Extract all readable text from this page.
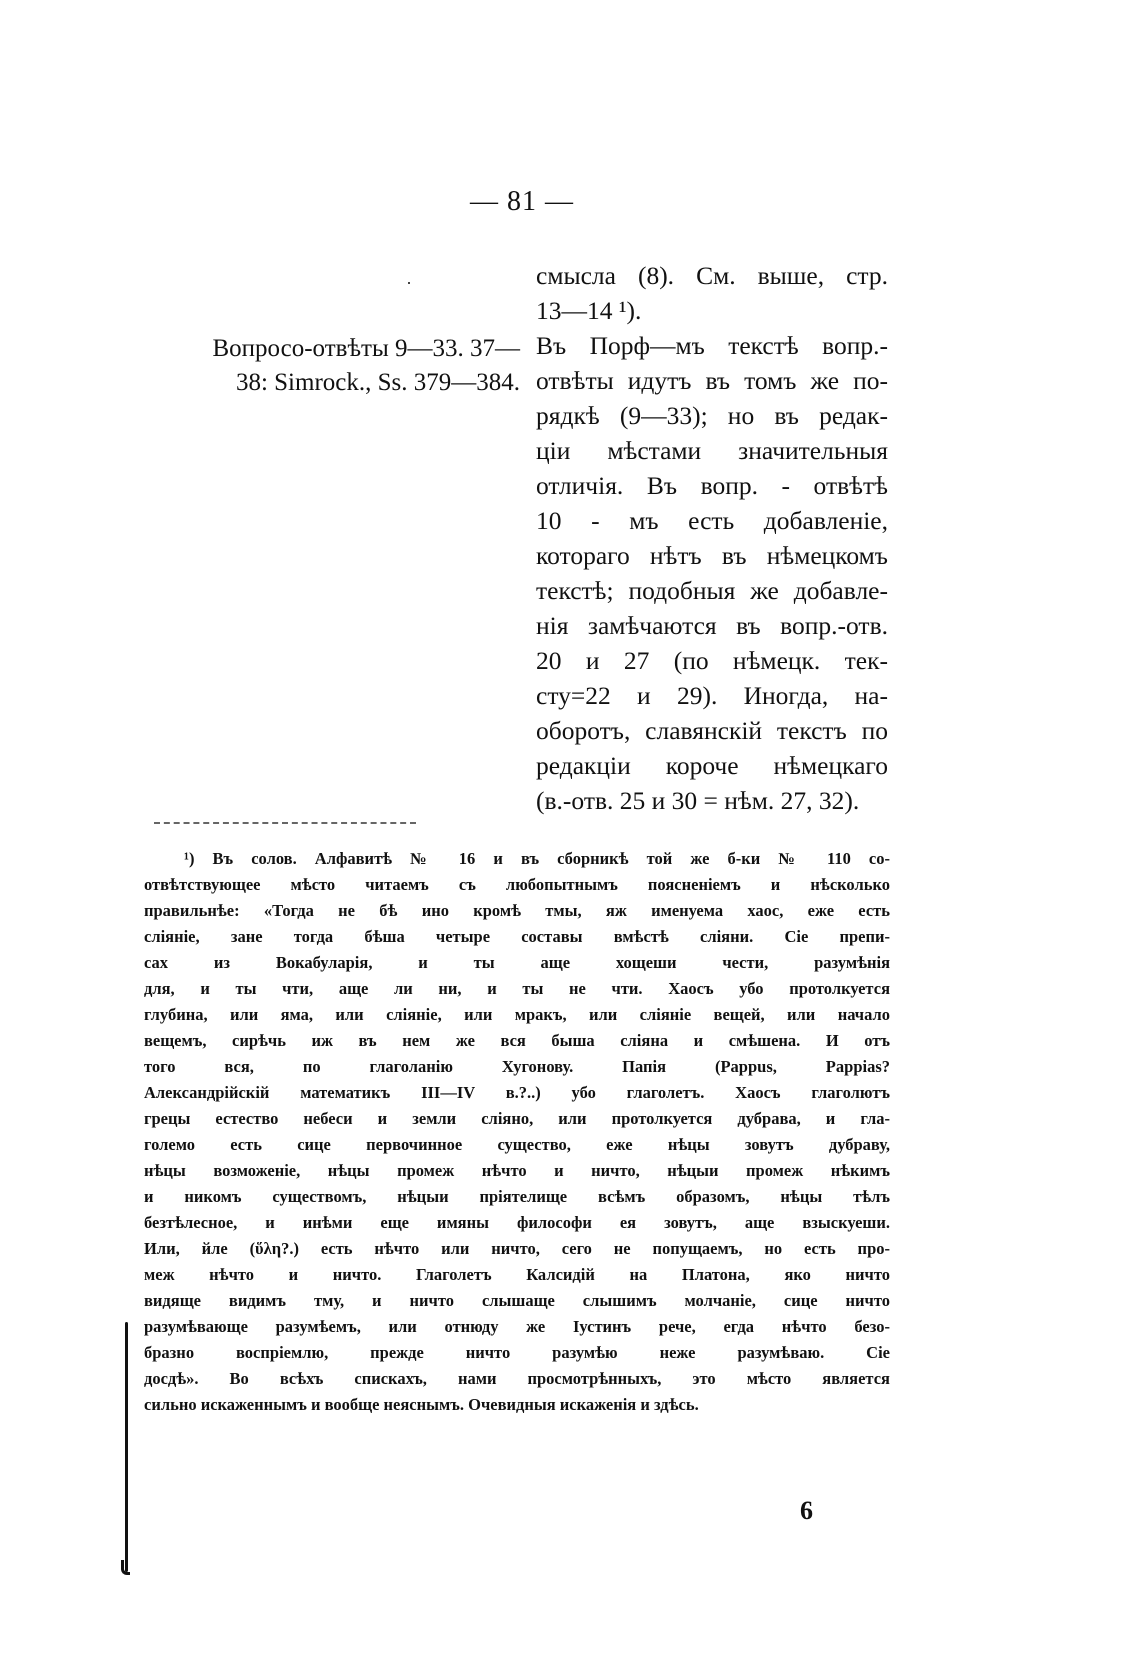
— 81 —
Вопросо-отвѣты 9—33. 37—
38: Simrock., Ss. 379—384.
смысла (8). См. выше, стр.
13—14 ¹).
Въ Порф—мъ текстѣ вопр.-
отвѣты идутъ въ томъ же по-
рядкѣ (9—33); но въ редак-
ціи мѣстами значительныя
отличія. Въ вопр. - отвѣтѣ
10 - мъ есть добавленіе,
котораго нѣтъ въ нѣмецкомъ
текстѣ; подобныя же добавле-
нія замѣчаются въ вопр.-отв.
20 и 27 (по нѣмецк. тек-
сту=22 и 29). Иногда, на-
оборотъ, славянскій текстъ по
редакціи короче нѣмецкаго
(в.-отв. 25 и 30 = нѣм. 27, 32).
¹) Въ солов. Алфавитѣ № 16 и въ сборникѣ той же б-ки № 110 со-
отвѣтствующее мѣсто читаемъ съ любопытнымъ поясненіемъ и нѣсколько
правильнѣе: «Тогда не бѣ ино кромѣ тмы, яж именуема хаос, еже есть
сліяніе, зане тогда бѣша четыре составы вмѣстѣ сліяни. Сіе препи-
сах из Вокабуларія, и ты аще хощеши чести, разумѣнія
для, и ты чти, аще ли ни, и ты не чти. Хаосъ убо протолкуется
глубина, или яма, или сліяніе, или мракъ, или сліяніе вещей, или начало
вещемъ, сирѣчь иж въ нем же вся быша сліяна и смѣшена. И отъ
того вся, по глаголанію Хугонову. Папія (Pappus, Pappias?
Александрійскій математикъ III—IV в.?..) убо глаголетъ. Хаосъ глаголютъ
грецы естество небеси и земли сліяно, или протолкуется дубрава, и гла-
големо есть сице первочинное существо, еже нѣцы зовутъ дубраву,
нѣцы возможеніе, нѣцы промеж нѣчто и ничто, нѣцыи промеж нѣкимъ
и никомъ существомъ, нѣцыи пріятелище всѣмъ образомъ, нѣцы тѣлъ
безтѣлесное, и инѣми еще имяны философи ея зовутъ, аще взыскуеши.
Или, йле (ὕλη?.) есть нѣчто или ничто, сего не попущаемъ, но есть про-
меж нѣчто и ничто. Глаголетъ Калсидій на Платона, яко ничто
видяще видимъ тму, и ничто слышаще слышимъ молчаніе, сице ничто
разумѣвающе разумѣемъ, или отнюду же Іустинъ рече, егда нѣчто безо-
бразно воспріемлю, прежде ничто разумѣю неже разумѣваю. Сіе
досдѣ». Во всѣхъ спискахъ, нами просмотрѣнныхъ, это мѣсто является
сильно искаженнымъ и вообще неяснымъ. Очевидныя искаженія и здѣсь.
6
